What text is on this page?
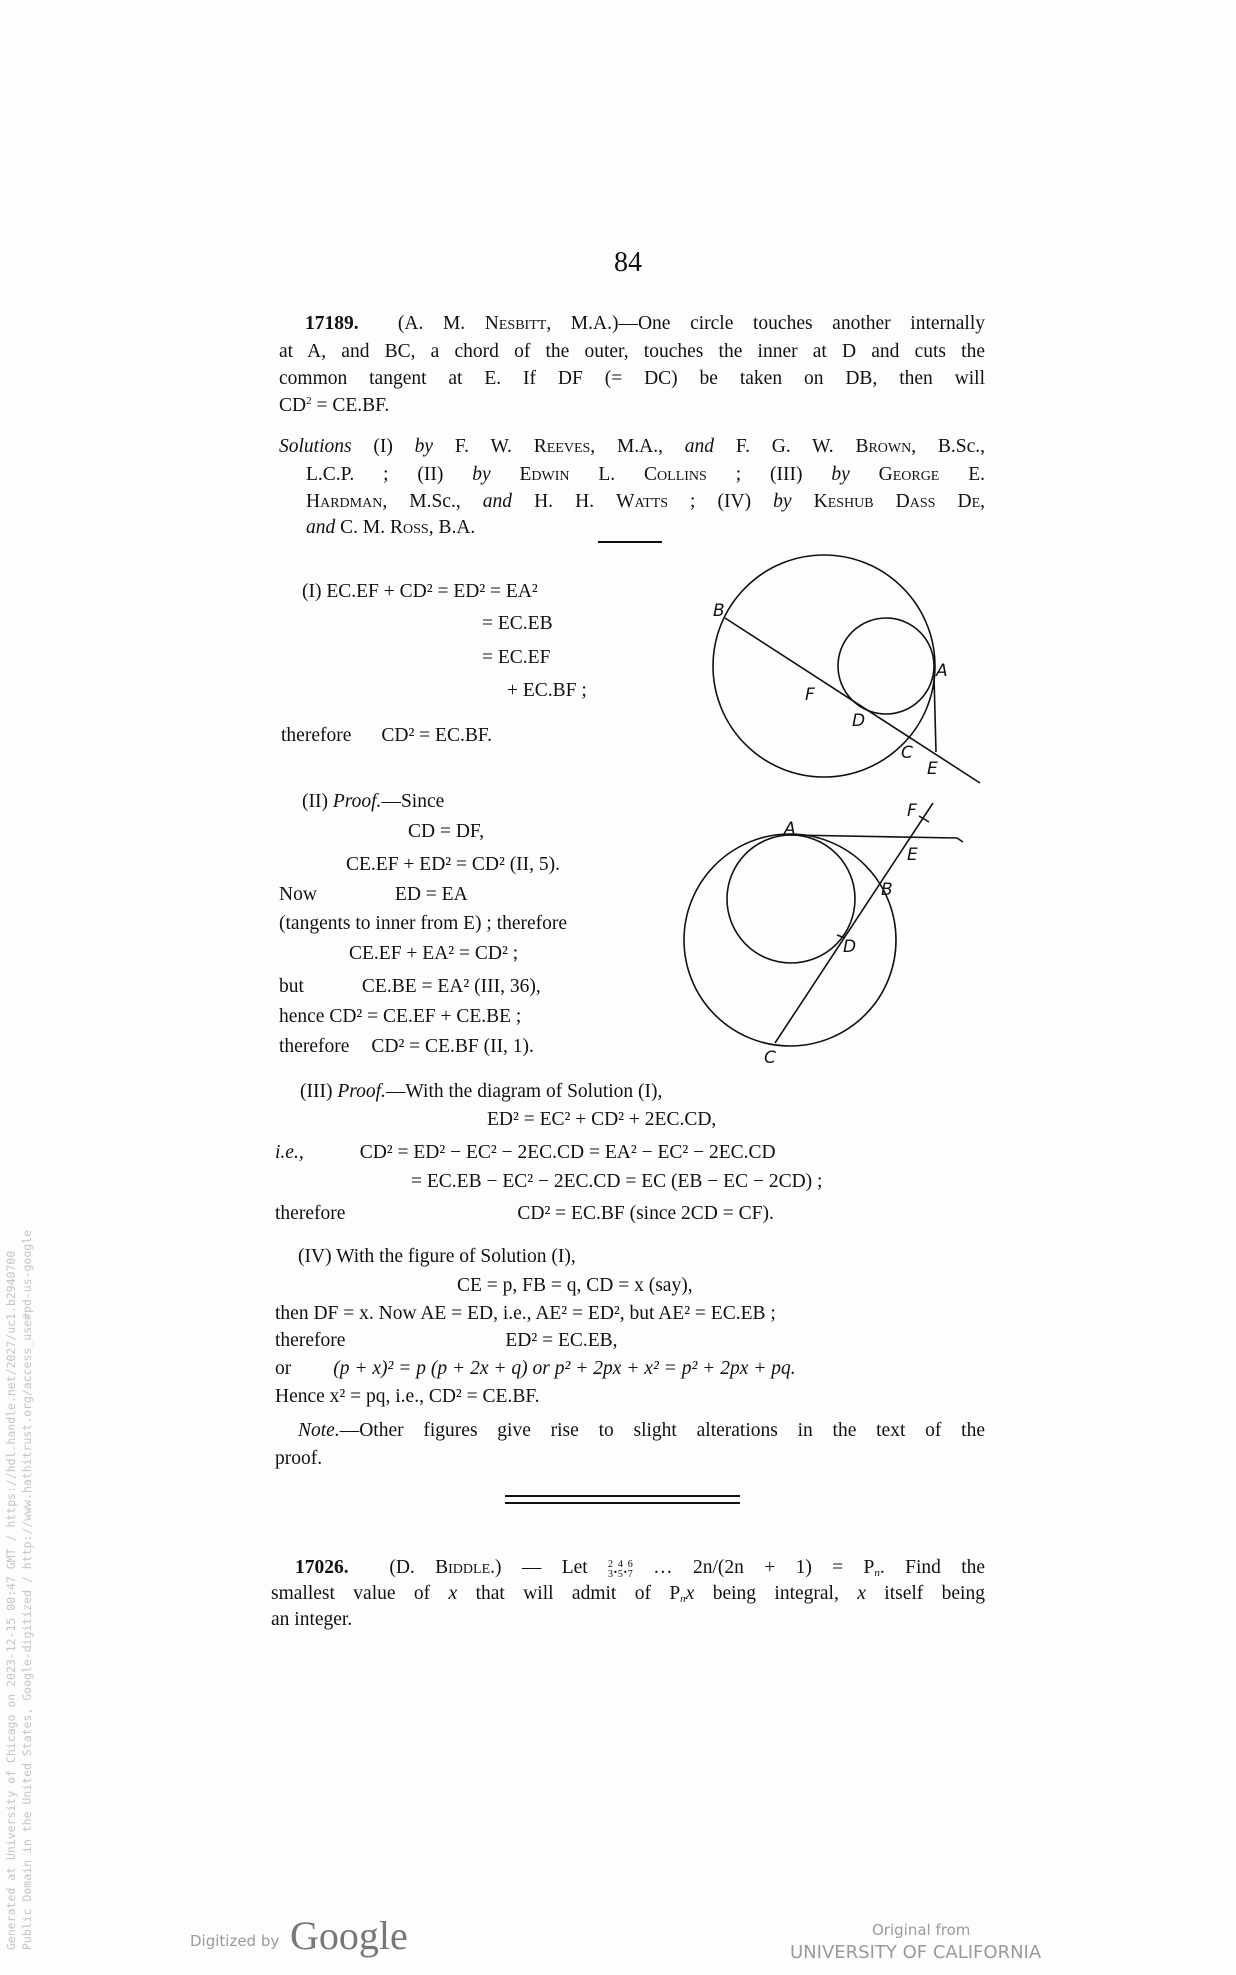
84
17189. (A. M. Nesbitt, M.A.)—One circle touches another internally
at A, and BC, a chord of the outer, touches the inner at D and cuts the
common tangent at E. If DF (= DC) be taken on DB, then will
$CD^2 = CE.BF$.
Solutions (I) by F. W. Reeves, M.A., and F. G. W. Brown, B.Sc.,
L.C.P. ; (II) by Edwin L. Collins ; (III) by George E.
Hardman, M.Sc., and H. H. Watts ; (IV) by Keshub Dass De,
and C. M. Ross, B.A.
(I) EC.EF + CD² = ED² = EA²
= EC.EB
= EC.EF
+ EC.BF ;
therefore CD² = EC.BF.
B
A
F
D
C
E
A
F
E
B
D
C
(II) Proof.—Since
CD = DF,
CE.EF + ED² = CD² (II, 5).
Now	ED = EA
(tangents to inner from E) ; therefore
CE.EF + EA² = CD² ;
but	CE.BE = EA² (III, 36),
hence CD² = CE.EF + CE.BE ;
therefore CD² = CE.BF (II, 1).
(III) Proof.—With the diagram of Solution (I),
ED² = EC² + CD² + 2EC.CD,
i.e.,	CD² = ED² − EC² − 2EC.CD = EA² − EC² − 2EC.CD
= EC.EB − EC² − 2EC.CD = EC (EB − EC − 2CD) ;
therefore	CD² = EC.BF (since 2CD = CF).
(IV) With the figure of Solution (I),
CE = p, FB = q, CD = x (say),
then DF = x. Now AE = ED, i.e., AE² = ED², but AE² = EC.EB ;
therefore	ED² = EC.EB,
or (p + x)² = p (p + 2x + q) or p² + 2px + x² = p² + 2px + pq.
Hence x² = pq, i.e., CD² = CE.BF.
Note.—Other figures give rise to slight alterations in the text of the
proof.
17026. (D. Biddle.) — Let 2
3 . 4
5 . 6
7 … $2n/(2n + 1) = P_n$. Find the
smallest value of x that will admit of $P_nx$ being integral, x itself being
an integer.
Generated at University of Chicago on 2023-12-15 00:47 GMT / https://hdl.handle.net/2027/uc1.b2940700 Public Domain in the United States, Google-digitized / http://www.hathitrust.org/access_use#pd-us-google	Digitized by Google	Original from
UNIVERSITY OF CALIFORNIA
